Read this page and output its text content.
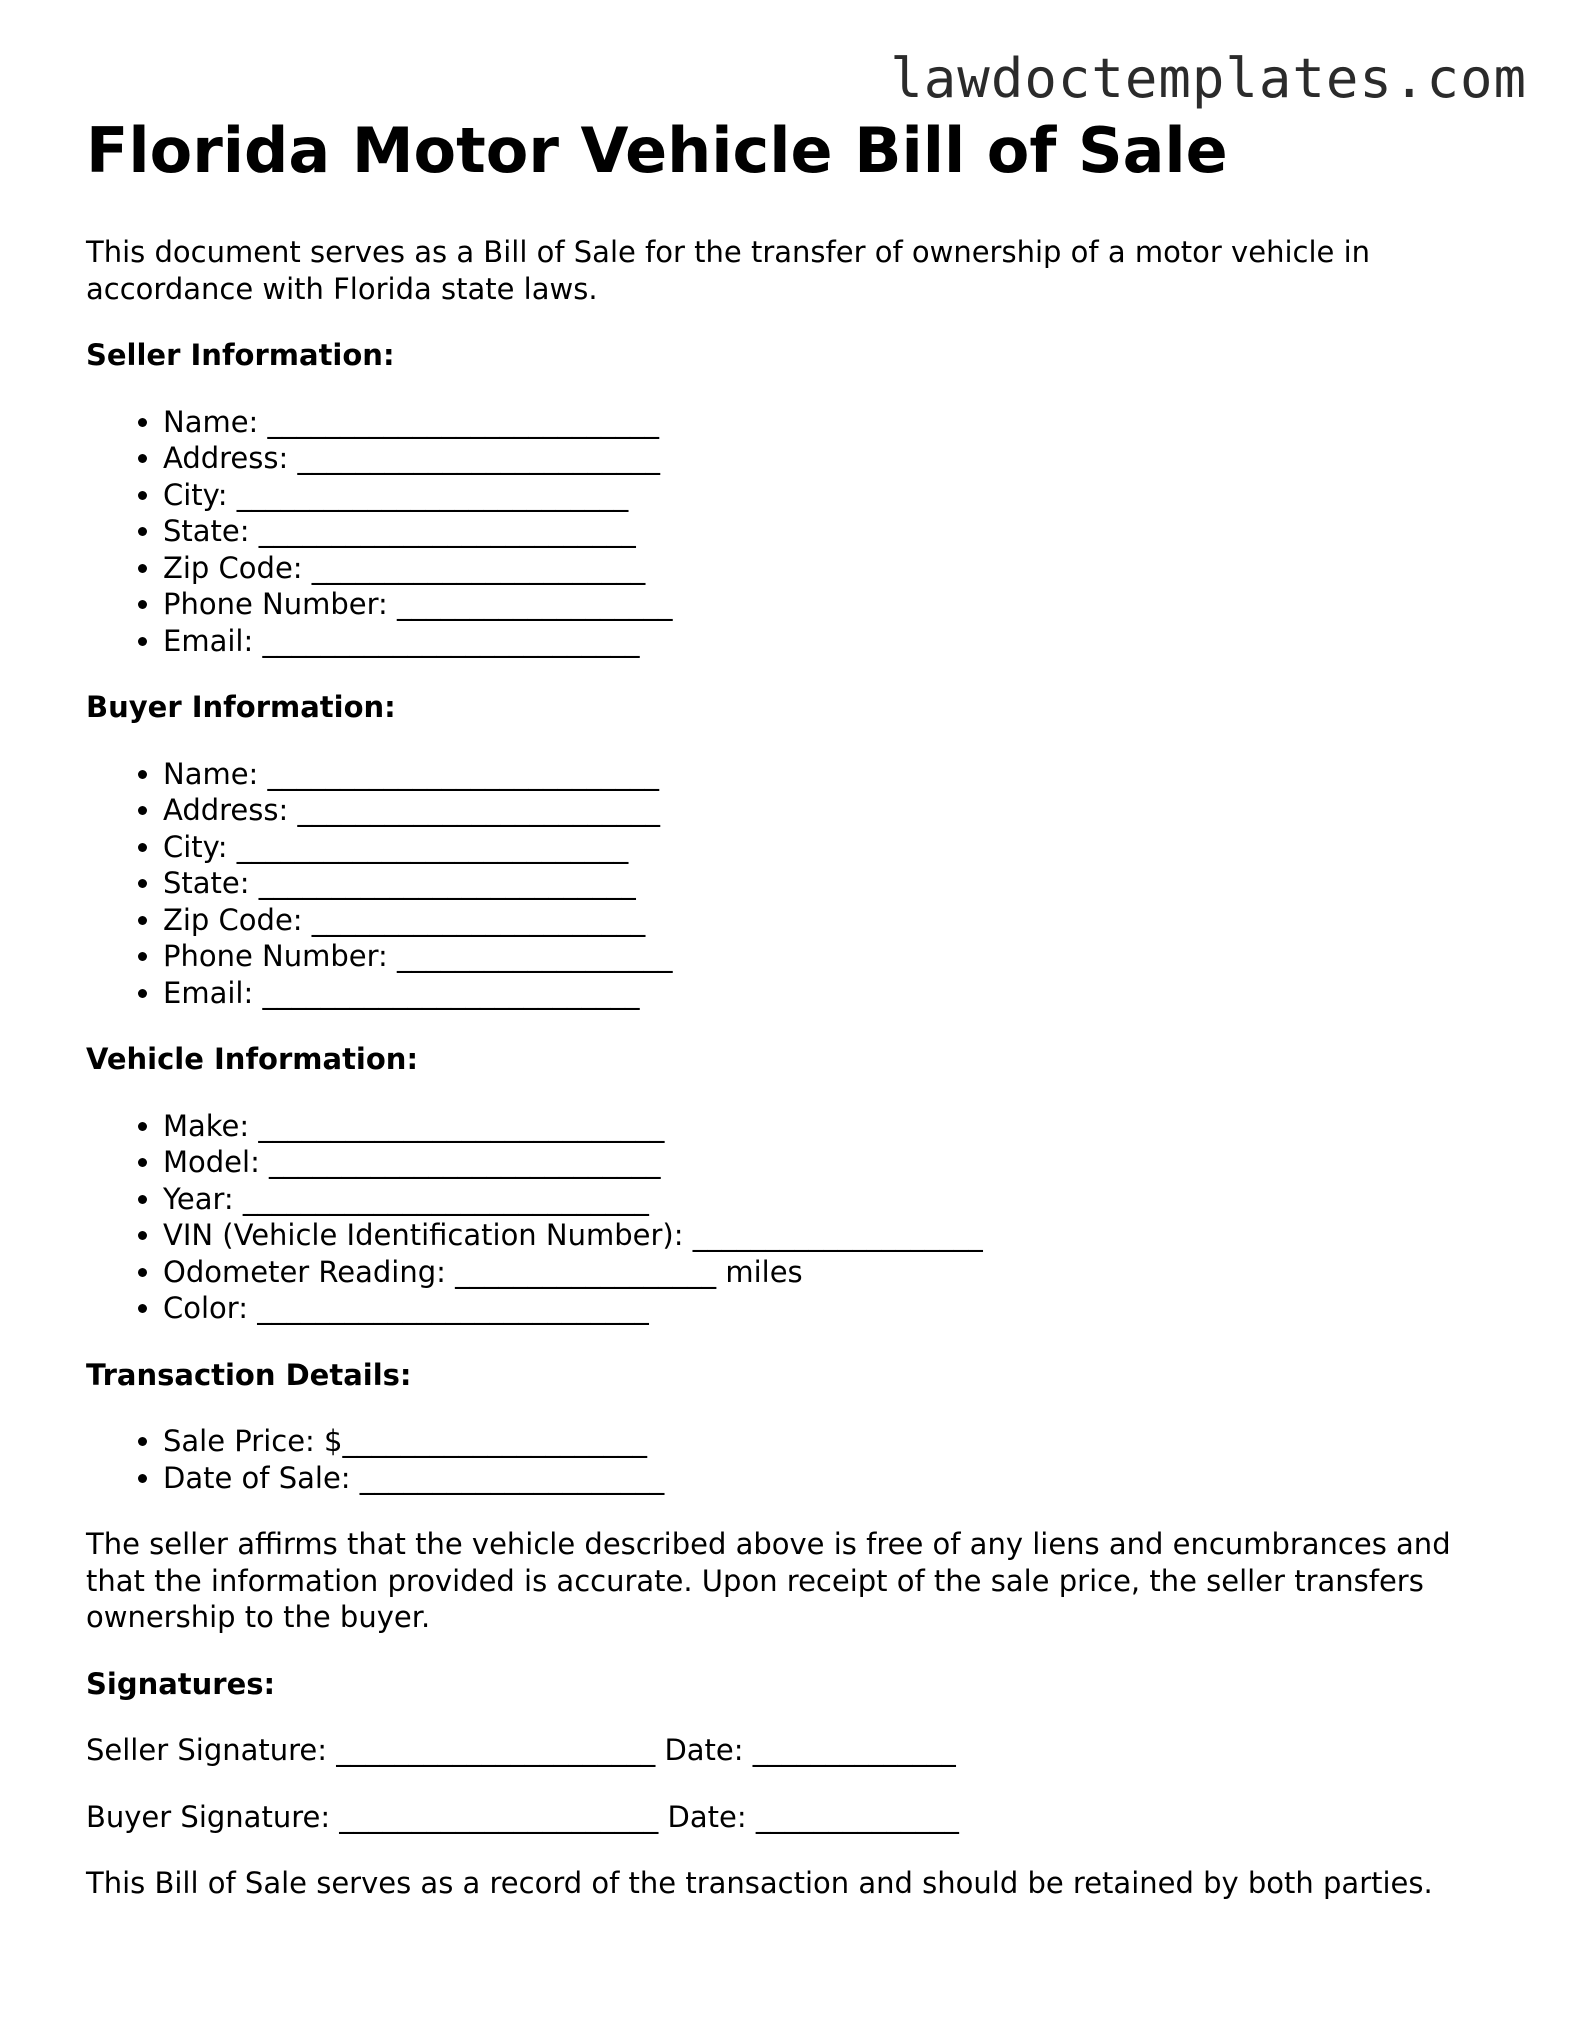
lawdoctemplates.com
Florida Motor Vehicle Bill of Sale

This document serves as a Bill of Sale for the transfer of ownership of a motor vehicle in accordance with Florida state laws.

Seller Information:
• Name: ___________________________
• Address: _________________________
• City: ___________________________
• State: __________________________
• Zip Code: _______________________
• Phone Number: ___________________
• Email: __________________________
Buyer Information:
• Name: ___________________________
• Address: _________________________
• City: ___________________________
• State: __________________________
• Zip Code: _______________________
• Phone Number: ___________________
• Email: __________________________
Vehicle Information:
• Make: ____________________________
• Model: ___________________________
• Year: ____________________________
• VIN (Vehicle Identification Number): ____________________
• Odometer Reading: __________________ miles
• Color: ___________________________
Transaction Details:
• Sale Price: $_____________________
• Date of Sale: _____________________

The seller affirms that the vehicle described above is free of any liens and encumbrances and that the information provided is accurate. Upon receipt of the sale price, the seller transfers ownership to the buyer.

Signatures:

Seller Signature: ______________________ Date: ______________

Buyer Signature: ______________________ Date: ______________

This Bill of Sale serves as a record of the transaction and should be retained by both parties.
